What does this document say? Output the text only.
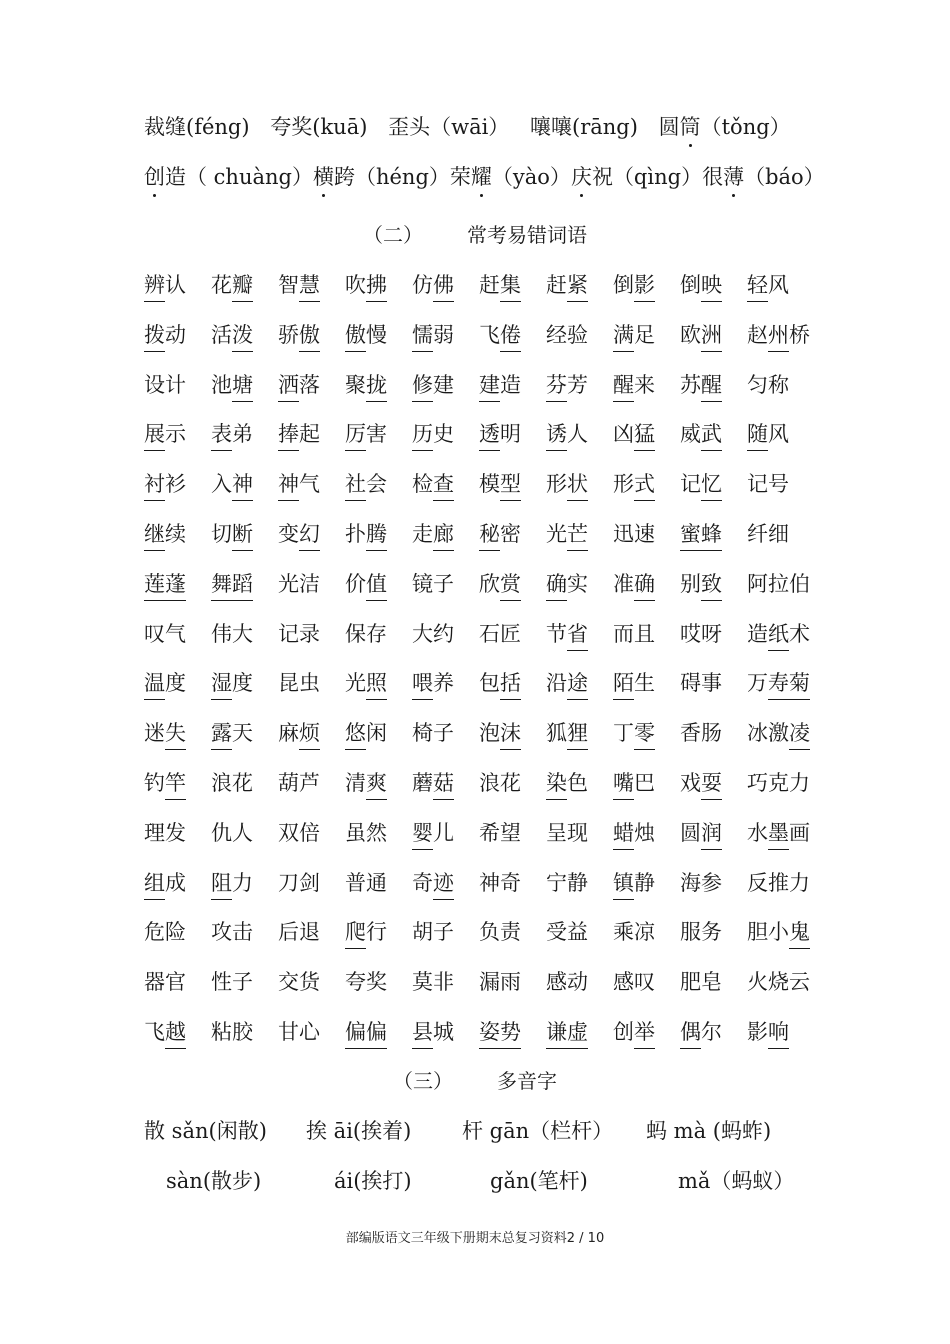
裁缝(féng) 夸奖(kuā) 歪头（wāi） 嚷嚷(rāng) 圆筒（tǒng）
创造（ chuàng）横跨（héng）荣耀（yào）庆祝（qìng）很薄（báo）
（二） 常考易错词语
辨认 花瓣 智慧 吹拂 仿佛 赶集 赶紧 倒影 倒映 轻风
拨动 活泼 骄傲 傲慢 懦弱 飞倦 经验 满足 欧洲 赵州桥
设计 池塘 洒落 聚拢 修建 建造 芬芳 醒来 苏醒 匀称
展示 表弟 捧起 厉害 历史 透明 诱人 凶猛 威武 随风
衬衫 入神 神气 社会 检查 模型 形状 形式 记忆 记号
继续 切断 变幻 扑腾 走廊 秘密 光芒 迅速 蜜蜂 纤细
莲蓬 舞蹈 光洁 价值 镜子 欣赏 确实 准确 别致 阿拉伯
叹气 伟大 记录 保存 大约 石匠 节省 而且 哎呀 造纸术
温度 湿度 昆虫 光照 喂养 包括 沿途 陌生 碍事 万寿菊
迷失 露天 麻烦 悠闲 椅子 泡沫 狐狸 丁零 香肠 冰激凌
钓竿 浪花 葫芦 清爽 蘑菇 浪花 染色 嘴巴 戏耍 巧克力
理发 仇人 双倍 虽然 婴儿 希望 呈现 蜡烛 圆润 水墨画
组成 阻力 刀剑 普通 奇迹 神奇 宁静 镇静 海参 反推力
危险 攻击 后退 爬行 胡子 负责 受益 乘凉 服务 胆小鬼
器官 性子 交货 夸奖 莫非 漏雨 感动 感叹 肥皂 火烧云
飞越 粘胶 甘心 偏偏 县城 姿势 谦虚 创举 偶尔 影响
（三） 多音字
散 sǎn(闲散) 挨 āi(挨着) 杆 gān（栏杆） 蚂 mà (蚂蚱)
sàn(散步)	ái(挨打)	gǎn(笔杆)	mǎ（蚂蚁）
部编版语文三年级下册期末总复习资料2 / 10
